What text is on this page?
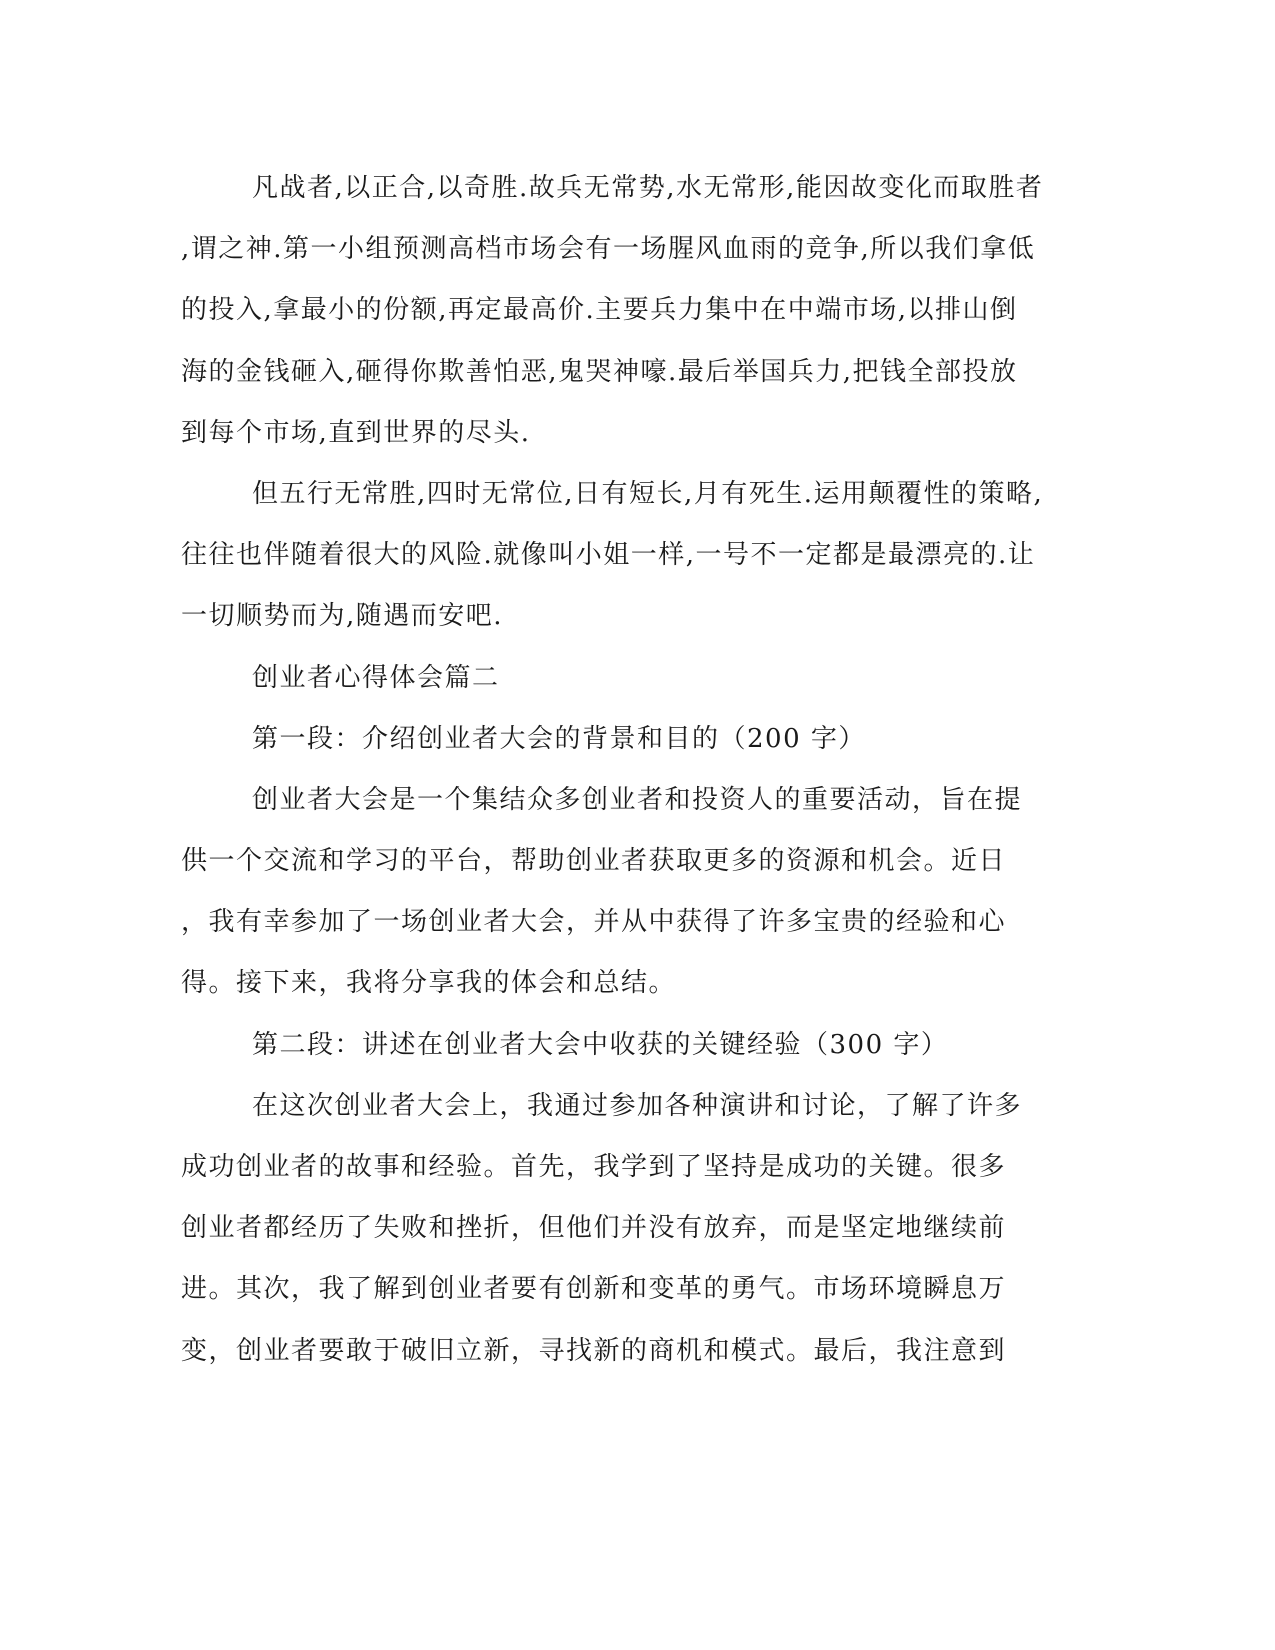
凡战者,以正合,以奇胜.故兵无常势,水无常形,能因故变化而取胜者
,谓之神.第一小组预测高档市场会有一场腥风血雨的竞争,所以我们拿低
的投入,拿最小的份额,再定最高价.主要兵力集中在中端市场,以排山倒
海的金钱砸入,砸得你欺善怕恶,鬼哭神嚎.最后举国兵力,把钱全部投放
到每个市场,直到世界的尽头.
但五行无常胜,四时无常位,日有短长,月有死生.运用颠覆性的策略,
往往也伴随着很大的风险.就像叫小姐一样,一号不一定都是最漂亮的.让
一切顺势而为,随遇而安吧.
创业者心得体会篇二
第一段：介绍创业者大会的背景和目的（200 字）
创业者大会是一个集结众多创业者和投资人的重要活动，旨在提
供一个交流和学习的平台，帮助创业者获取更多的资源和机会。近日
，我有幸参加了一场创业者大会，并从中获得了许多宝贵的经验和心
得。接下来，我将分享我的体会和总结。
第二段：讲述在创业者大会中收获的关键经验（300 字）
在这次创业者大会上，我通过参加各种演讲和讨论，了解了许多
成功创业者的故事和经验。首先，我学到了坚持是成功的关键。很多
创业者都经历了失败和挫折，但他们并没有放弃，而是坚定地继续前
进。其次，我了解到创业者要有创新和变革的勇气。市场环境瞬息万
变，创业者要敢于破旧立新，寻找新的商机和模式。最后，我注意到
